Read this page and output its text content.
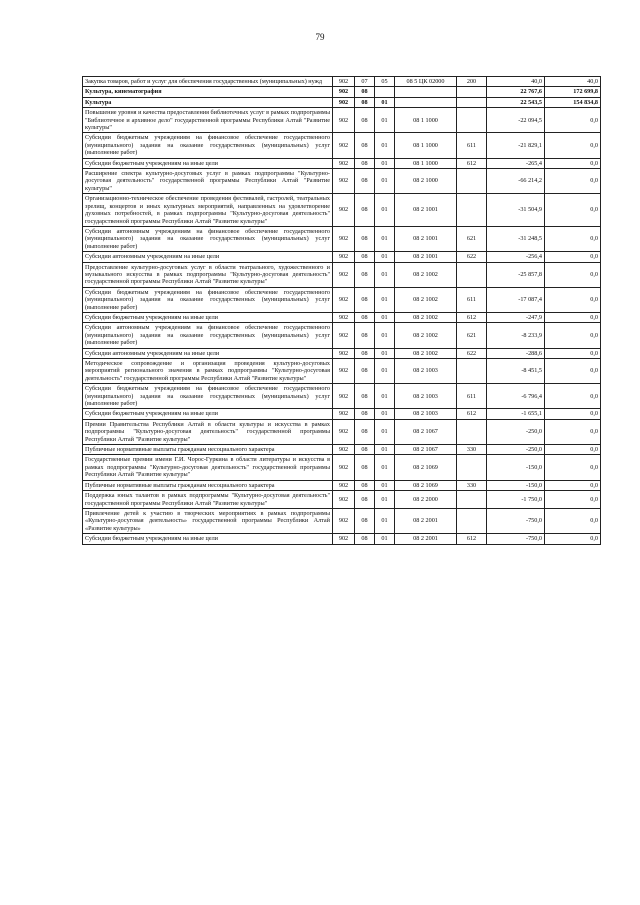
79
Закупка товаров, работ и услуг для обеспечения государственных (муниципальных) нужд	902	07	05	08 5 ЦК 02000	200	40,0	40,0
Культура, кинематография	902	08				22 767,6	172 699,8
Культура	902	08	01			22 543,5	154 834,8
Повышение уровня и качества предоставления библиотечных услуг в рамках подпрограммы "Библиотечное и архивное дело" государственной программы Республики Алтай "Развитие культуры"	902	08	01	08 1 1000		-22 094,5	0,0
Субсидии бюджетным учреждениям на финансовое обеспечение государственного (муниципального) задания на оказание государственных (муниципальных) услуг (выполнение работ)	902	08	01	08 1 1000	611	-21 829,1	0,0
Субсидии бюджетным учреждениям на иные цели	902	08	01	08 1 1000	612	-265,4	0,0
Расширение спектра культурно-досуговых услуг в рамках подпрограммы "Культурно-досуговая деятельность" государственной программы Республики Алтай "Развитие культуры"	902	08	01	08 2 1000		-66 214,2	0,0
Организационно-техническое обеспечение проведения фестивалей, гастролей, театральных зрелищ, концертов и иных культурных мероприятий, направленных на удовлетворение духовных потребностей, в рамках подпрограммы "Культурно-досуговая деятельность" государственной программы Республики Алтай "Развитие культуры"	902	08	01	08 2 1001		-31 504,9	0,0
Субсидии автономным учреждениям на финансовое обеспечение государственного (муниципального) задания на оказание государственных (муниципальных) услуг (выполнение работ)	902	08	01	08 2 1001	621	-31 248,5	0,0
Субсидии автономным учреждениям на иные цели	902	08	01	08 2 1001	622	-256,4	0,0
Предоставление культурно-досуговых услуг в области театрального, художественного и музыкального искусства в рамках подпрограммы "Культурно-досуговая деятельность" государственной программы Республики Алтай "Развитие культуры"	902	08	01	08 2 1002		-25 857,8	0,0
Субсидии бюджетным учреждениям на финансовое обеспечение государственного (муниципального) задания на оказание государственных (муниципальных) услуг (выполнение работ)	902	08	01	08 2 1002	611	-17 087,4	0,0
Субсидии бюджетным учреждениям на иные цели	902	08	01	08 2 1002	612	-247,9	0,0
Субсидии автономным учреждениям на финансовое обеспечение государственного (муниципального) задания на оказание государственных (муниципальных) услуг (выполнение работ)	902	08	01	08 2 1002	621	-8 233,9	0,0
Субсидии автономным учреждениям на иные цели	902	08	01	08 2 1002	622	-288,6	0,0
Методическое сопровождение и организация проведения культурно-досуговых мероприятий регионального значения в рамках подпрограммы "Культурно-досуговая деятельность" государственной программы Республики Алтай "Развитие культуры"	902	08	01	08 2 1003		-8 451,5	0,0
Субсидии бюджетным учреждениям на финансовое обеспечение государственного (муниципального) задания на оказание государственных (муниципальных) услуг (выполнение работ)	902	08	01	08 2 1003	611	-6 796,4	0,0
Субсидии бюджетным учреждениям на иные цели	902	08	01	08 2 1003	612	-1 655,1	0,0
Премии Правительства Республики Алтай в области культуры и искусства в рамках подпрограммы "Культурно-досуговая деятельность" государственной программы Республики Алтай "Развитие культуры"	902	08	01	08 2 1067		-250,0	0,0
Публичные нормативные выплаты гражданам несоциального характера	902	08	01	08 2 1067	330	-250,0	0,0
Государственные премии имени Г.И. Чорос-Гуркина в области литературы и искусства в рамках подпрограммы "Культурно-досуговая деятельность" государственной программы Республики Алтай "Развитие культуры"	902	08	01	08 2 1069		-150,0	0,0
Публичные нормативные выплаты гражданам несоциального характера	902	08	01	08 2 1069	330	-150,0	0,0
Поддержка юных талантов в рамках подпрограммы "Культурно-досуговая деятельность" государственной программы Республики Алтай "Развитие культуры"	902	08	01	08 2 2000		-1 750,0	0,0
Привлечение детей к участию в творческих мероприятиях в рамках подпрограммы «Культурно-досуговая деятельность» государственной программы Республики Алтай «Развитие культуры»	902	08	01	08 2 2001		-750,0	0,0
Субсидии бюджетным учреждениям на иные цели	902	08	01	08 2 2001	612	-750,0	0,0
